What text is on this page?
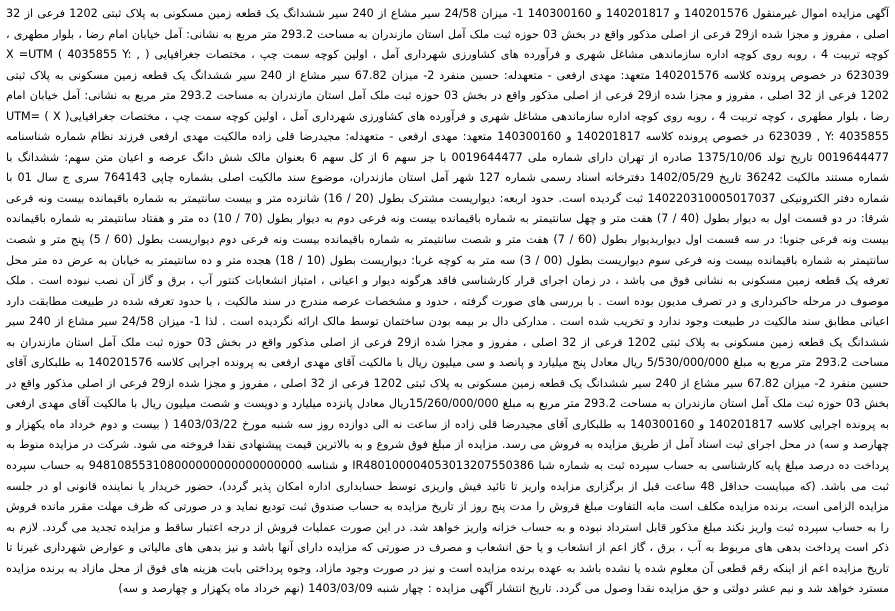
آگهی مزایده اموال غیرمنقول 140201576 و 140201817 و 140300160 1- میزان 24/58 سیر مشاع از 240 سیر ششدانگ یک قطعه زمین مسکونی به پلاک ثبتی 1202 فرعی از 32 اصلی ، مفروز و مجزا شده از29 فرعی از اصلی مذکور واقع در بخش 03 حوزه ثبت ملک آمل استان مازندران به مساحت 293.2 متر مربع به نشانی: آمل خیابان امام رضا ، بلوار مطهری ، کوچه تربیت 4 ، روبه روی کوچه اداره سازماندهی مشاغل شهری و فرآورده های کشاورزی شهرداری آمل ، اولین کوچه سمت چپ ، مختصات جغرافیایی ( X =UTM ( 4035855 Y: , 623039 در خصوص پرونده کلاسه 140201576 متعهد: مهدی ارفعی - متعهدله: حسین منفرد 2- میزان 67.82 سیر مشاع از 240 سیر ششدانگ یک قطعه زمین مسکونی به پلاک ثبتی 1202 فرعی از 32 اصلی ، مفروز و مجزا شده از29 فرعی از اصلی مذکور واقع در بخش 03 حوزه ثبت ملک آمل استان مازندران به مساحت 293.2 متر مربع به نشانی: آمل خیابان امام رضا ، بلوار مطهری ، کوچه تربیت 4 ، روبه روی کوچه اداره سازماندهی مشاغل شهری و فرآورده های کشاورزی شهرداری آمل ، اولین کوچه سمت چپ ، مختصات جغرافیایی( UTM= ( X 623039 , Y: 4035855 در خصوص پرونده کلاسه 140201817 و 140300160 متعهد: مهدی ارفعی - متعهدله: مجیدرضا قلی زاده مالکیت مهدی ارفعی فرزند نظام شماره شناسنامه 0019644477 تاریخ تولد 1375/10/06 صادره از تهران دارای شماره ملی 0019644477 با جز سهم 6 از کل سهم 6 بعنوان مالک شش دانگ عرصه و اعیان متن سهم: ششدانگ با شماره مستند مالکیت 36242 تاریخ 1402/05/29 دفترخانه اسناد رسمی شماره 127 شهر آمل استان مازندران، موضوع سند مالکیت اصلی بشماره چاپی 764143 سری ج سال 01 با شماره دفتر الکترونیکی 140220310005017037 ثبت گردیده است. حدود اربعه: دیواریست مشترک بطول (20 / 16) شانزده متر و بیست سانتیمتر به شماره باقیمانده بیست ونه فرعی شرقا: در دو قسمت اول به دیوار بطول (40 / 7) هفت متر و چهل سانتیمتر به شماره باقیمانده بیست ونه فرعی دوم به دیوار بطول (70 / 10) ده متر و هفتاد سانتیمتر به شماره باقیمانده بیست ونه فرعی جنوبا: در سه قسمت اول دیواربدیوار بطول (60 / 7) هفت متر و شصت سانتیمتر به شماره باقیمانده بیست ونه فرعی دوم دیواریست بطول (60 / 5) پنج متر و شصت سانتیمتر به شماره باقیمانده بیست ونه فرعی سوم دیواریست بطول (00 / 3) سه متر به کوچه غربا: دیواریست بطول (10 / 18) هجده متر و ده سانتیمتر به خیابان به عرض ده متر محل تعرفه یک قطعه زمین مسکونی به نشانی فوق می باشد ، در زمان اجرای قرار کارشناسی فاقد هرگونه دیوار و اعیانی ، امتیاز انشعابات کنتور آب ، برق و گاز آن نصب نبوده است . ملک موصوف در مرحله حاکبرداری و در تصرف مدیون بوده است . با بررسی های صورت گرفته ، حدود و مشخصات عرصه مندرج در سند مالکیت ، با حدود تعرفه شده در طبیعت مطابقت دارد اعیانی مطابق سند مالکیت در طبیعت وجود ندارد و تخریب شده است . مدارکی دال بر بیمه بودن ساختمان توسط مالک ارائه نگردیده است . لذا 1- میزان 24/58 سیر مشاع از 240 سیر ششدانگ یک قطعه زمین مسکونی به پلاک ثبتی 1202 فرعی از 32 اصلی ، مفروز و مجزا شده از29 فرعی از اصلی مذکور واقع در بخش 03 حوزه ثبت ملک آمل استان مازندران به مساحت 293.2 متر مربع به مبلغ 5/530/000/000 ریال معادل پنج میلیارد و پانصد و سی میلیون ریال با مالکیت آقای مهدی ارفعی به پرونده اجرایی کلاسه 140201576 به طلبکاری آقای حسین منفرد 2- میزان 67.82 سیر مشاع از 240 سیر ششدانگ یک قطعه زمین مسکونی به پلاک ثبتی 1202 فرعی از 32 اصلی ، مفروز و مجزا شده از29 فرعی از اصلی مذکور واقع در بخش 03 حوزه ثبت ملک آمل استان مازندران به مساحت 293.2 متر مربع به مبلغ 15/260/000/000ریال معادل پانزده میلیارد و دویست و شصت میلیون ریال با مالکیت آقای مهدی ارفعی به پرونده اجرایی کلاسه 140201817 و 140300160 به طلبکاری آقای مجیدرضا قلی زاده از ساعت نه الی دوازده روز سه شنبه مورخ 1403/03/22 ( بیست و دوم خرداد ماه یکهزار و چهارصد و سه) در محل اجرای ثبت اسناد آمل از طریق مزایده به فروش می رسد. مزایده از مبلغ فوق شروع و به بالاترین قیمت پیشنهادی نقدا فروخته می شود. شرکت در مزایده منوط به پرداخت ده درصد مبلغ پایه کارشناسی به حساب سپرده ثبت به شماره شبا IR480100004053013207550386 و شناسه 948108553108000000000000000000 به حساب سپرده ثبت می باشد. (که میبایست حداقل 48 ساعت قبل از برگزاری مزایده واریز تا تائید فیش واریزی توسط حسابداری اداره امکان پذیر گردد)، حضور خریدار یا نماینده قانونی او در جلسه مزایده الزامی است، برنده مزایده مکلف است مابه التفاوت مبلغ فروش را مدت پنج روز از تاریخ مزایده به حساب صندوق ثبت تودیع نماید و در صورتی که ظرف مهلت مقرر مانده فروش را به حساب سپرده ثبت واریز نکند مبلغ مذکور قابل استرداد نبوده و به حساب خزانه واریز خواهد شد. در این صورت عملیات فروش از درجه اعتبار ساقط و مزایده تجدید می گردد. لازم به ذکر است پرداخت بدهی های مربوط به آب ، برق ، گاز اعم از انشعاب و یا حق انشعاب و مصرف در صورتی که مزایده دارای آنها باشد و نیز بدهی های مالیاتی و عوارض شهرداری غیرنا تا تاریخ مزایده اعم از اینکه رقم قطعی آن معلوم شده یا نشده باشد به عهده برنده مزایده است و نیز در صورت وجود مازاد، وجوه پرداختی بابت هزینه های فوق از محل مازاد به برنده مزایده مسترد خواهد شد و نیم عشر دولتی و حق مزایده نقدا وصول می گردد. تاریخ انتشار آگهی مزایده : چهار شنبه 1403/03/09 (نهم خرداد ماه یکهزار و چهارصد و سه)
